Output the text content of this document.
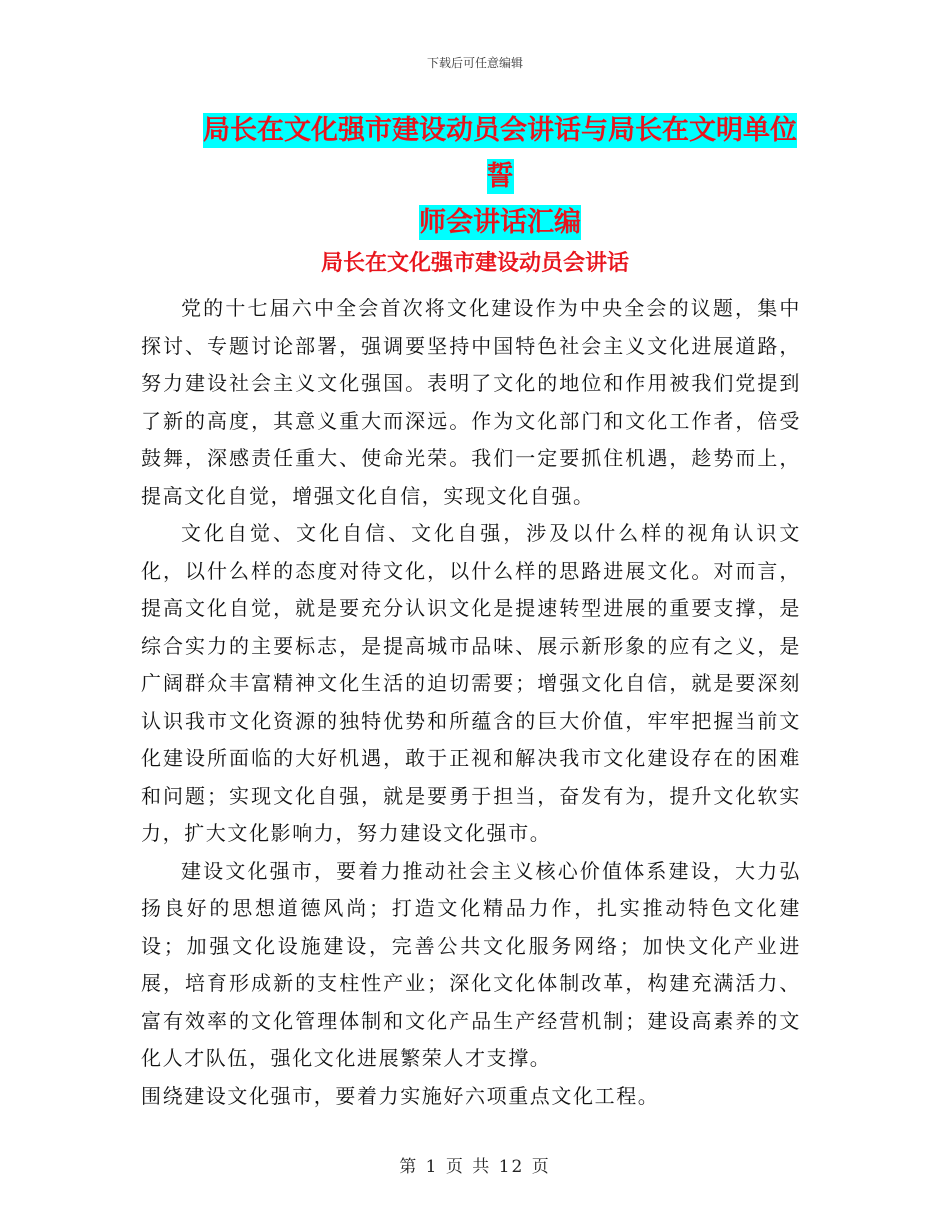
下载后可任意编辑
局长在文化强市建设动员会讲话与局长在文明单位誓
师会讲话汇编
局长在文化强市建设动员会讲话

党的十七届六中全会首次将文化建设作为中央全会的议题，集中探讨、专题讨论部署，强调要坚持中国特色社会主义文化进展道路，努力建设社会主义文化强国。表明了文化的地位和作用被我们党提到了新的高度，其意义重大而深远。作为文化部门和文化工作者，倍受鼓舞，深感责任重大、使命光荣。我们一定要抓住机遇，趁势而上，提高文化自觉，增强文化自信，实现文化自强。

文化自觉、文化自信、文化自强，涉及以什么样的视角认识文化，以什么样的态度对待文化，以什么样的思路进展文化。对而言，提高文化自觉，就是要充分认识文化是提速转型进展的重要支撑，是综合实力的主要标志，是提高城市品味、展示新形象的应有之义，是广阔群众丰富精神文化生活的迫切需要；增强文化自信，就是要深刻认识我市文化资源的独特优势和所蕴含的巨大价值，牢牢把握当前文化建设所面临的大好机遇，敢于正视和解决我市文化建设存在的困难和问题；实现文化自强，就是要勇于担当，奋发有为，提升文化软实力，扩大文化影响力，努力建设文化强市。

建设文化强市，要着力推动社会主义核心价值体系建设，大力弘扬良好的思想道德风尚；打造文化精品力作，扎实推动特色文化建设；加强文化设施建设，完善公共文化服务网络；加快文化产业进展，培育形成新的支柱性产业；深化文化体制改革，构建充满活力、富有效率的文化管理体制和文化产品生产经营机制；建设高素养的文化人才队伍，强化文化进展繁荣人才支撑。

围绕建设文化强市，要着力实施好六项重点文化工程。

第 1 页 共 12 页
